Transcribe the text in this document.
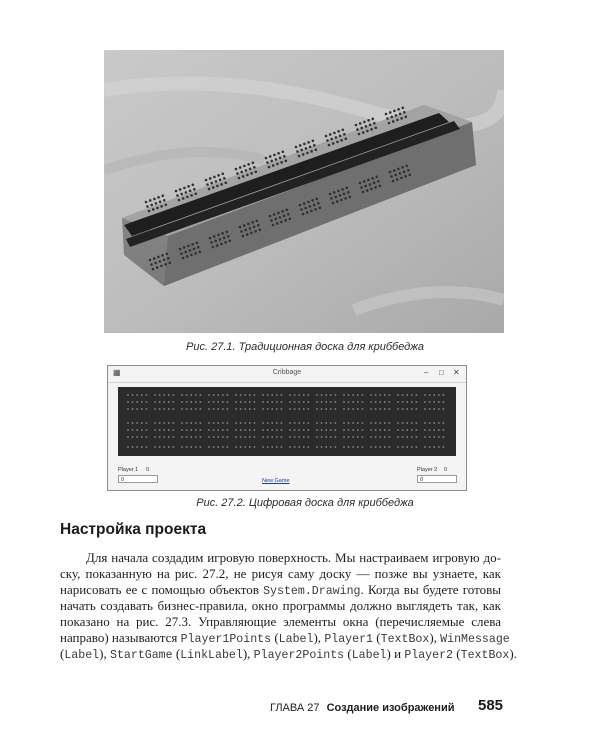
Рис. 27.1. Традиционная доска для криббеджа
▦	Cribbage	– □ ✕
Player 1 0
0	New Game
Player 2 0
0
Рис. 27.2. Цифровая доска для криббеджа
Настройка проекта
Для начала создадим игровую поверхность. Мы настраиваем игровую до-
ску, показанную на рис. 27.2, не рисуя саму доску — позже вы узнаете, как
нарисовать ее с помощью объектов System.Drawing. Когда вы будете готовы
начать создавать бизнес-правила, окно программы должно выглядеть так, как
показано на рис. 27.3. Управляющие элементы окна (перечисляемые слева
направо) называются Player1Points (Label), Player1 (TextBox), WinMessage
(Label), StartGame (LinkLabel), Player2Points (Label) и Player2 (TextBox).
ГЛАВА 27 Создание изображений 585
